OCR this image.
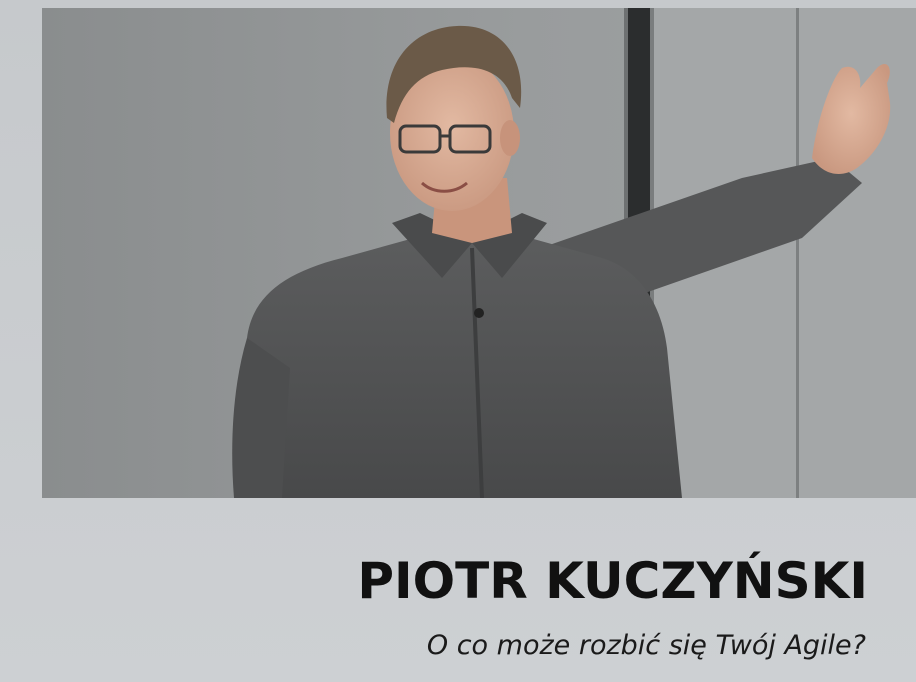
PIOTR KUCZYŃSKI

O co może rozbić się Twój Agile?
